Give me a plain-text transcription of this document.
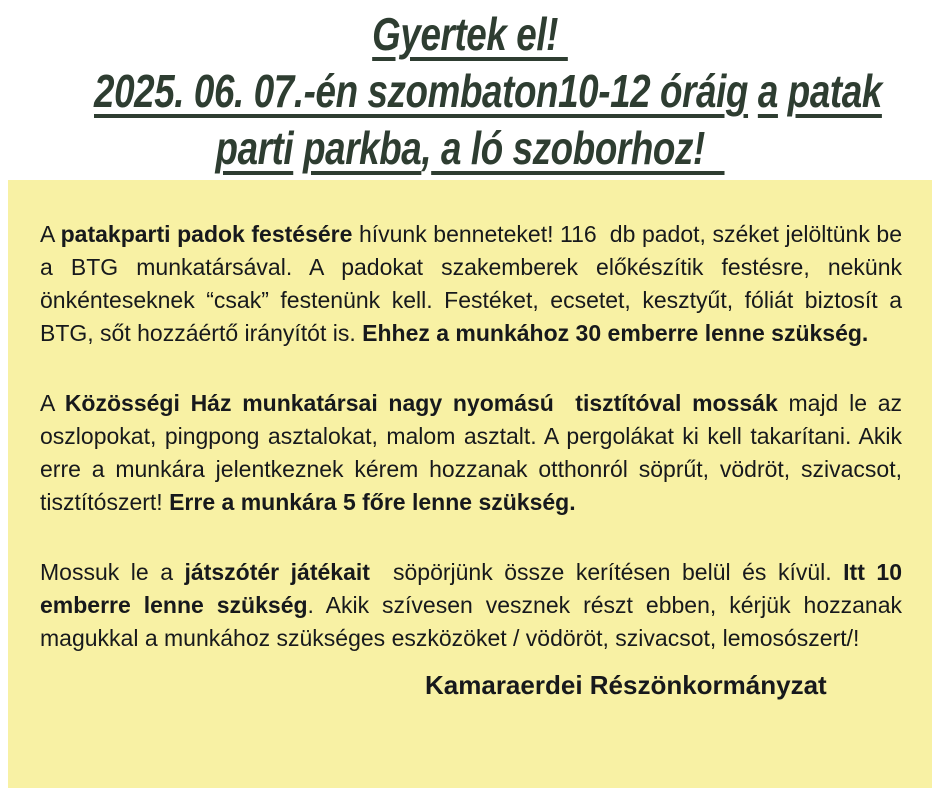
Gyertek el!
2025. 06. 07.-én szombaton10-12 óráig a patak
parti parkba, a ló szoborhoz!

A patakparti padok festésére hívunk benneteket! 116  db padot, széket jelöltünk be a BTG munkatársával. A padokat szakemberek előkészítik festésre, nekünk önkénteseknek “csak” festenünk kell. Festéket, ecsetet, kesztyűt, fóliát biztosít a BTG, sőt hozzáértő irányítót is. Ehhez a munkához 30 emberre lenne szükség.

A Közösségi Ház munkatársai nagy nyomású  tisztítóval mossák majd le az oszlopokat, pingpong asztalokat, malom asztalt. A pergolákat ki kell takarítani. Akik erre a munkára jelentkeznek kérem hozzanak otthonról söprűt, vödröt, szivacsot, tisztítószert! Erre a munkára 5 főre lenne szükség.

Mossuk le a játszótér játékait  söpörjünk össze kerítésen belül és kívül. Itt 10 emberre lenne szükség. Akik szívesen vesznek részt ebben, kérjük hozzanak magukkal a munkához szükséges eszközöket / vödöröt, szivacsot, lemosószert/!

Kamaraerdei Részönkormányzat
